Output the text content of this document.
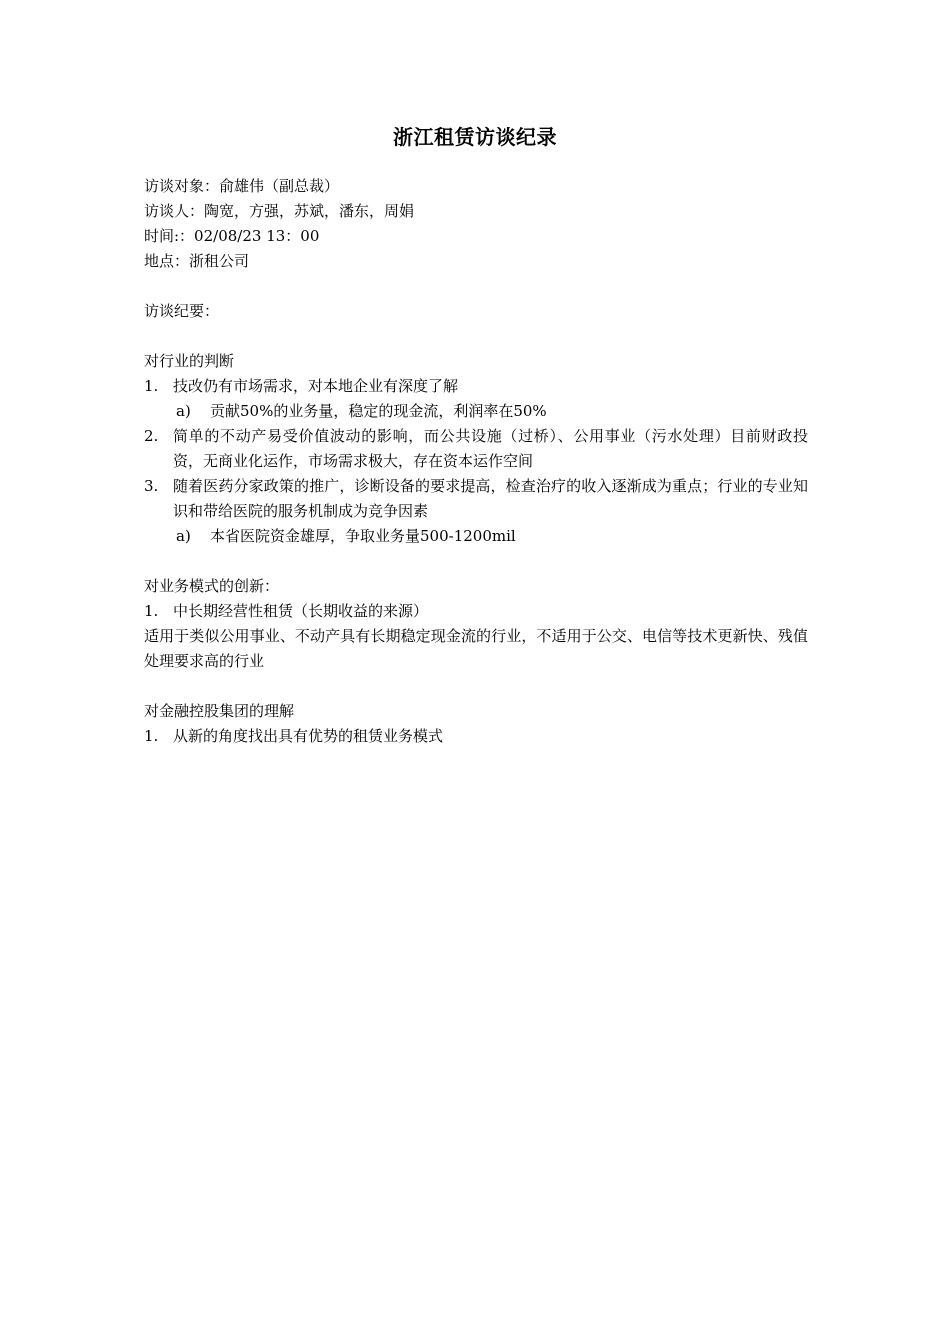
浙江租赁访谈纪录
访谈对象：俞雄伟（副总裁）
访谈人：陶宽，方强，苏斌，潘东，周娟
时间:：02/08/23 13：00
地点：浙租公司
访谈纪要：
对行业的判断
1. 技改仍有市场需求，对本地企业有深度了解
a)	贡献50%的业务量，稳定的现金流，利润率在50%
2. 简单的不动产易受价值波动的影响，而公共设施（过桥）、公用事业（污水处理）目前财政投资，无商业化运作，市场需求极大，存在资本运作空间
3. 随着医药分家政策的推广，诊断设备的要求提高，检查治疗的收入逐渐成为重点；行业的专业知识和带给医院的服务机制成为竞争因素
a)	本省医院资金雄厚，争取业务量500-1200mil
对业务模式的创新：
1. 中长期经营性租赁（长期收益的来源）
适用于类似公用事业、不动产具有长期稳定现金流的行业，不适用于公交、电信等技术更新快、残值处理要求高的行业
对金融控股集团的理解
1. 从新的角度找出具有优势的租赁业务模式
